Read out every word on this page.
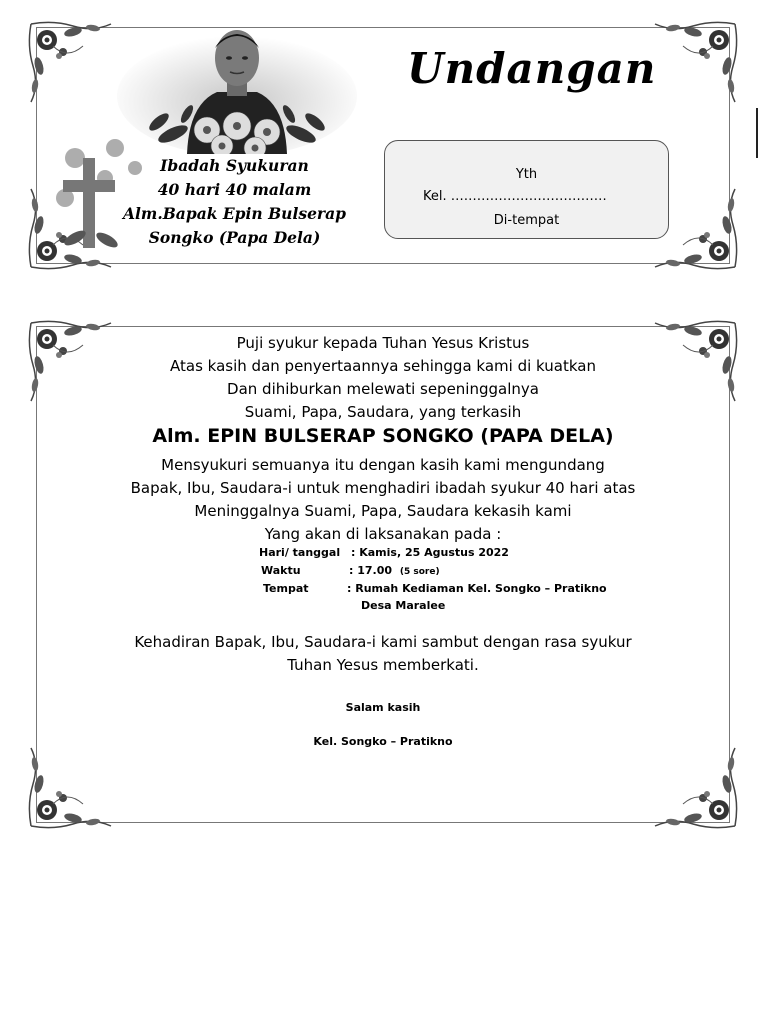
Ibadah Syukuran
40 hari 40 malam
Alm.Bapak Epin Bulserap
Songko (Papa Dela)
Undangan
Yth
Kel. ………………………………
Di-tempat
Puji syukur kepada Tuhan Yesus Kristus
Atas kasih dan penyertaannya sehingga kami di kuatkan
Dan dihiburkan melewati sepeninggalnya
Suami, Papa, Saudara, yang terkasih
Alm. EPIN BULSERAP SONGKO (PAPA DELA)
Mensyukuri semuanya itu dengan kasih kami mengundang
Bapak, Ibu, Saudara-i untuk menghadiri ibadah syukur 40 hari atas
Meninggalnya Suami, Papa, Saudara kekasih kami
Yang akan di laksanakan pada :
Hari/ tanggal : Kamis, 25 Agustus 2022
Waktu	: 17.00 (5 sore)
Tempat	: Rumah Kediaman Kel. Songko – Pratikno
Desa Maralee
Kehadiran Bapak, Ibu, Saudara-i kami sambut dengan rasa syukur
Tuhan Yesus memberkati.
Salam kasih
Kel. Songko – Pratikno
